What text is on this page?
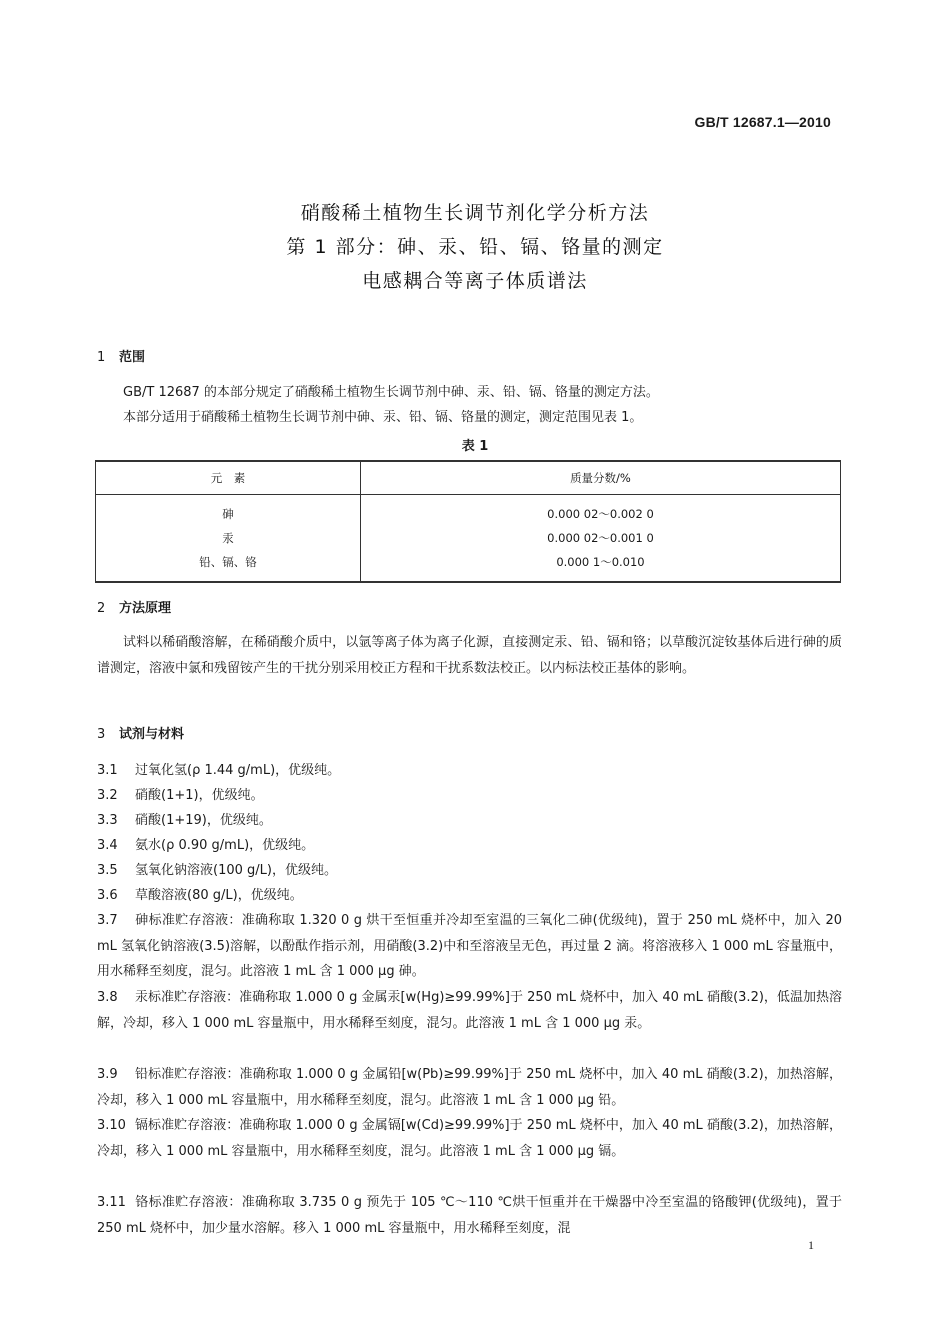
GB/T 12687.1—2010
硝酸稀土植物生长调节剂化学分析方法
第 1 部分：砷、汞、铅、镉、铬量的测定
电感耦合等离子体质谱法
1 范围
GB/T 12687 的本部分规定了硝酸稀土植物生长调节剂中砷、汞、铅、镉、铬量的测定方法。
本部分适用于硝酸稀土植物生长调节剂中砷、汞、铅、镉、铬量的测定，测定范围见表 1。
表 1
元　素	质量分数/%
砷	0.000 02～0.002 0
汞	0.000 02～0.001 0
铅、镉、铬	0.000 1～0.010
2 方法原理
试料以稀硝酸溶解，在稀硝酸介质中，以氩等离子体为离子化源，直接测定汞、铅、镉和铬；以草酸沉淀钕基体后进行砷的质谱测定，溶液中氯和残留铵产生的干扰分别采用校正方程和干扰系数法校正。以内标法校正基体的影响。
3 试剂与材料
3.1 过氧化氢(ρ 1.44 g/mL)，优级纯。
3.2 硝酸(1+1)，优级纯。
3.3 硝酸(1+19)，优级纯。
3.4 氨水(ρ 0.90 g/mL)，优级纯。
3.5 氢氧化钠溶液(100 g/L)，优级纯。
3.6 草酸溶液(80 g/L)，优级纯。
3.7 砷标准贮存溶液：准确称取 1.320 0 g 烘干至恒重并冷却至室温的三氧化二砷(优级纯)，置于 250 mL 烧杯中，加入 20 mL 氢氧化钠溶液(3.5)溶解，以酚酞作指示剂，用硝酸(3.2)中和至溶液呈无色，再过量 2 滴。将溶液移入 1 000 mL 容量瓶中，用水稀释至刻度，混匀。此溶液 1 mL 含 1 000 μg 砷。
3.8 汞标准贮存溶液：准确称取 1.000 0 g 金属汞[w(Hg)≥99.99%]于 250 mL 烧杯中，加入 40 mL 硝酸(3.2)，低温加热溶解，冷却，移入 1 000 mL 容量瓶中，用水稀释至刻度，混匀。此溶液 1 mL 含 1 000 μg 汞。
3.9 铅标准贮存溶液：准确称取 1.000 0 g 金属铅[w(Pb)≥99.99%]于 250 mL 烧杯中，加入 40 mL 硝酸(3.2)，加热溶解，冷却，移入 1 000 mL 容量瓶中，用水稀释至刻度，混匀。此溶液 1 mL 含 1 000 μg 铅。
3.10 镉标准贮存溶液：准确称取 1.000 0 g 金属镉[w(Cd)≥99.99%]于 250 mL 烧杯中，加入 40 mL 硝酸(3.2)，加热溶解，冷却，移入 1 000 mL 容量瓶中，用水稀释至刻度，混匀。此溶液 1 mL 含 1 000 μg 镉。
3.11 铬标准贮存溶液：准确称取 3.735 0 g 预先于 105 ℃～110 ℃烘干恒重并在干燥器中冷至室温的铬酸钾(优级纯)，置于 250 mL 烧杯中，加少量水溶解。移入 1 000 mL 容量瓶中，用水稀释至刻度，混
1
